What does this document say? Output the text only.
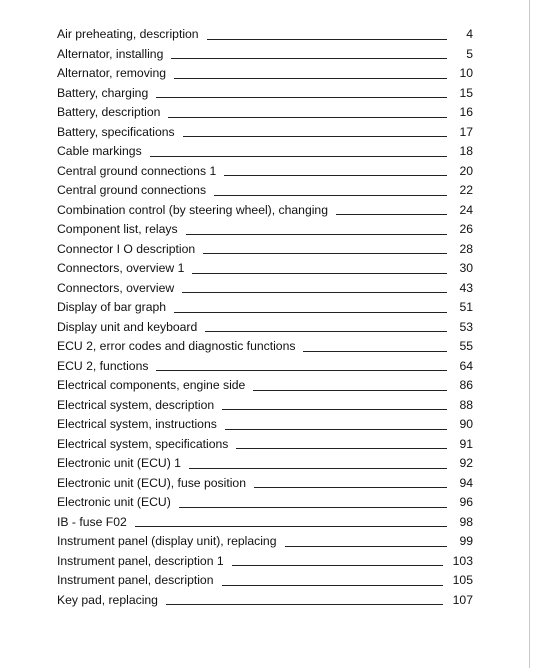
Air preheating, description	4
Alternator, installing	5
Alternator, removing	10
Battery, charging	15
Battery, description	16
Battery, specifications	17
Cable markings	18
Central ground connections 1	20
Central ground connections	22
Combination control (by steering wheel), changing	24
Component list, relays	26
Connector I O description	28
Connectors, overview 1	30
Connectors, overview	43
Display of bar graph	51
Display unit and keyboard	53
ECU 2, error codes and diagnostic functions	55
ECU 2, functions	64
Electrical components, engine side	86
Electrical system, description	88
Electrical system, instructions	90
Electrical system, specifications	91
Electronic unit (ECU) 1	92
Electronic unit (ECU), fuse position	94
Electronic unit (ECU)	96
IB - fuse F02	98
Instrument panel (display unit), replacing	99
Instrument panel, description 1	103
Instrument panel, description	105
Key pad, replacing	107
